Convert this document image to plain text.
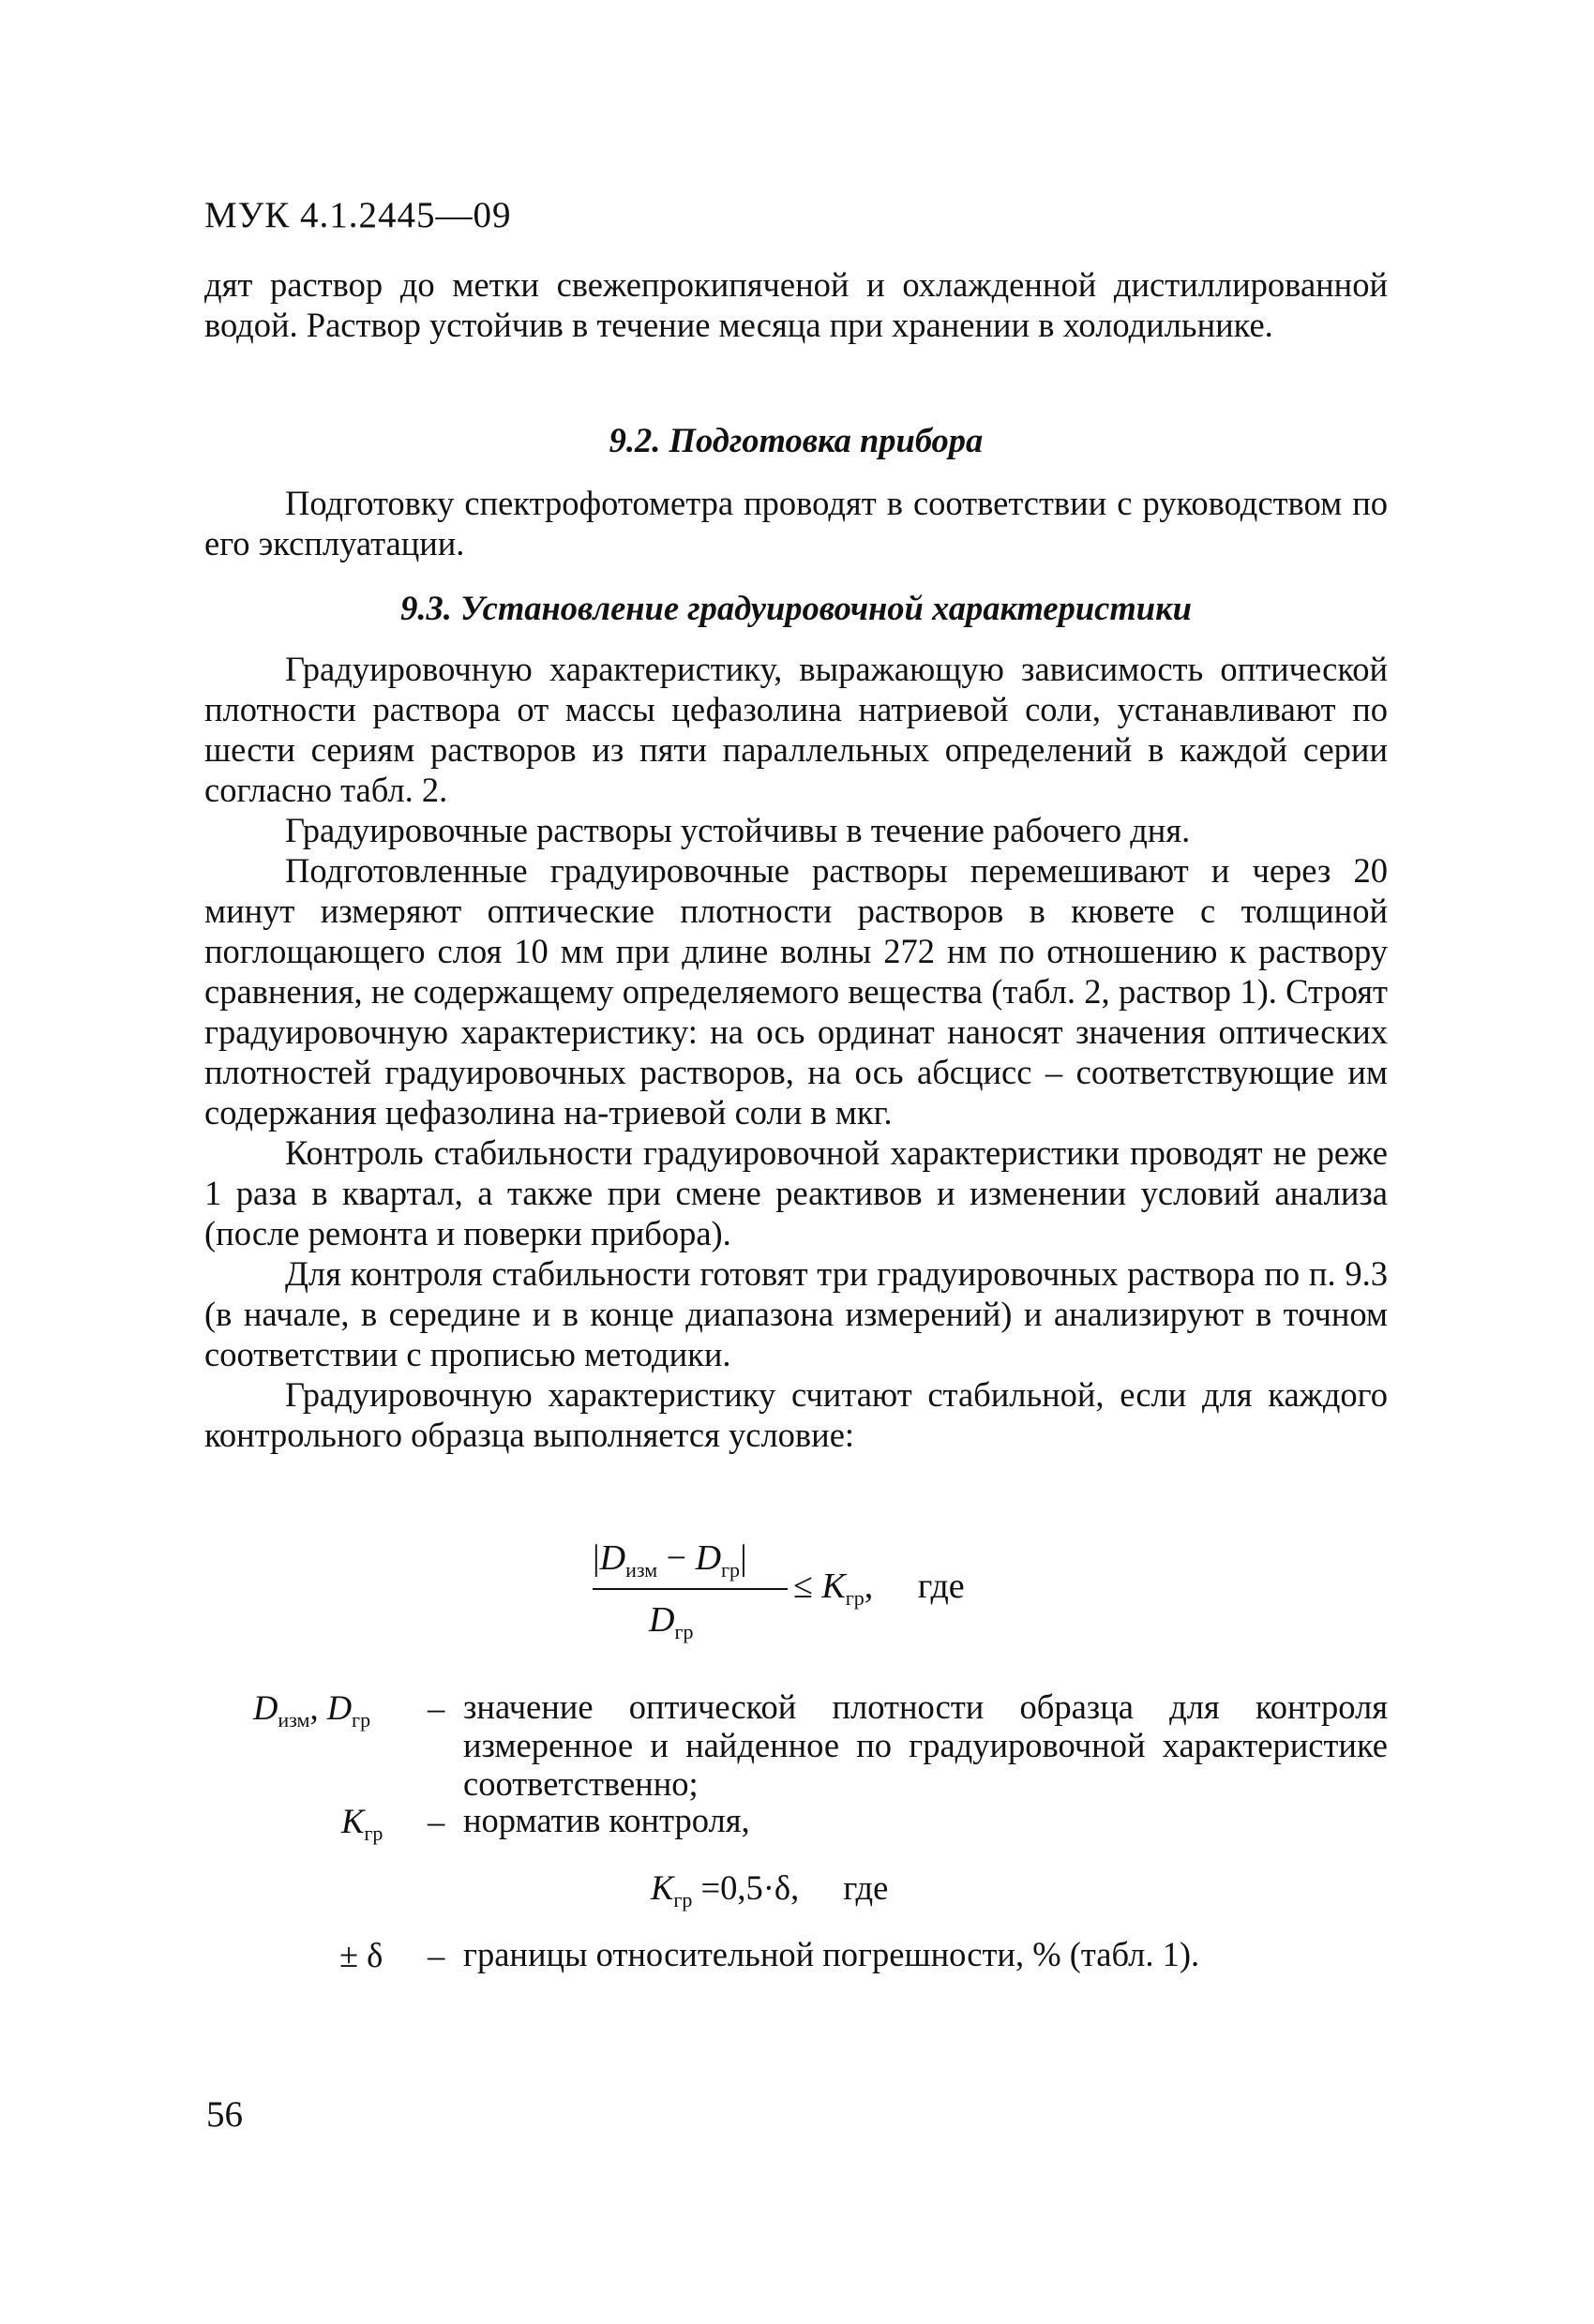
МУК 4.1.2445—09

дят раствор до метки свежепрокипяченой и охлажденной дистиллированной водой. Раствор устойчив в течение месяца при хранении в холодильнике.

9.2. Подготовка прибора

Подготовку спектрофотометра проводят в соответствии с руководством по его эксплуатации.

9.3. Установление градуировочной характеристики

Градуировочную характеристику, выражающую зависимость оптической плотности раствора от массы цефазолина натриевой соли, устанавливают по шести сериям растворов из пяти параллельных определений в каждой серии согласно табл. 2.

Градуировочные растворы устойчивы в течение рабочего дня.

Подготовленные градуировочные растворы перемешивают и через 20 минут измеряют оптические плотности растворов в кювете с толщиной поглощающего слоя 10 мм при длине волны 272 нм по отношению к раствору сравнения, не содержащему определяемого вещества (табл. 2, раствор 1). Строят градуировочную характеристику: на ось ординат наносят значения оптических плотностей градуировочных растворов, на ось абсцисс – соответствующие им содержания цефазолина на-триевой соли в мкг.

Контроль стабильности градуировочной характеристики проводят не реже 1 раза в квартал, а также при смене реактивов и изменении условий анализа (после ремонта и поверки прибора).

Для контроля стабильности готовят три градуировочных раствора по п. 9.3 (в начале, в середине и в конце диапазона измерений) и анализируют в точном соответствии с прописью методики.

Градуировочную характеристику считают стабильной, если для каждого контрольного образца выполняется условие:

$|D_{изм} - D_{гр}|$
$D_{гр}$
≤ $K_{гр}$, где
$D_{изм}$, $D_{гр}$ – значение оптической плотности образца для контроля измеренное и найденное по градуировочной характеристике соответственно;
$K_{гр}$ – норматив контроля,
$K_{гр} =0,5\cdot\delta$, где
± δ – границы относительной погрешности, % (табл. 1).
56
